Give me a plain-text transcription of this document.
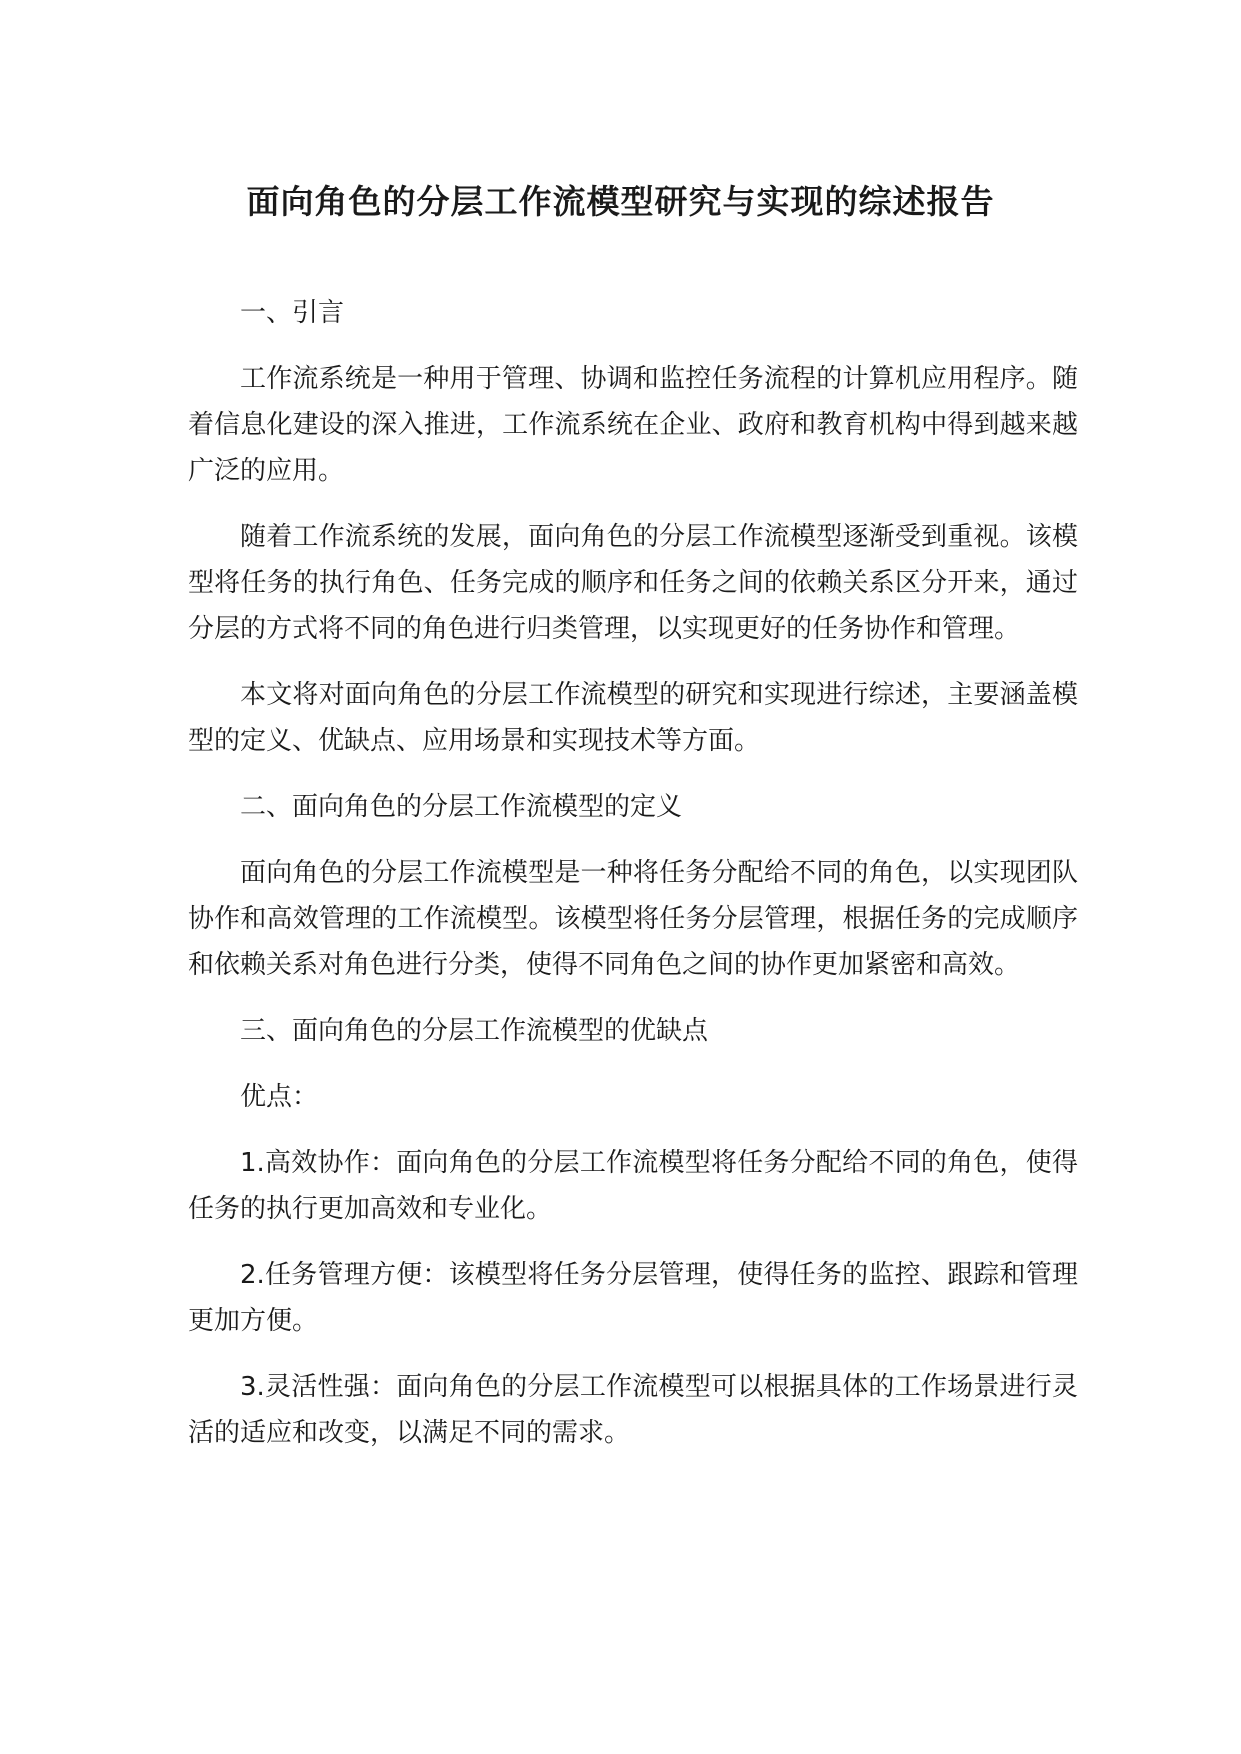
面向角色的分层工作流模型研究与实现的综述报告

一、引言

工作流系统是一种用于管理、协调和监控任务流程的计算机应用程序。随着信息化建设的深入推进，工作流系统在企业、政府和教育机构中得到越来越广泛的应用。

随着工作流系统的发展，面向角色的分层工作流模型逐渐受到重视。该模型将任务的执行角色、任务完成的顺序和任务之间的依赖关系区分开来，通过分层的方式将不同的角色进行归类管理，以实现更好的任务协作和管理。

本文将对面向角色的分层工作流模型的研究和实现进行综述，主要涵盖模型的定义、优缺点、应用场景和实现技术等方面。

二、面向角色的分层工作流模型的定义

面向角色的分层工作流模型是一种将任务分配给不同的角色，以实现团队协作和高效管理的工作流模型。该模型将任务分层管理，根据任务的完成顺序和依赖关系对角色进行分类，使得不同角色之间的协作更加紧密和高效。

三、面向角色的分层工作流模型的优缺点

优点：

1.高效协作：面向角色的分层工作流模型将任务分配给不同的角色，使得任务的执行更加高效和专业化。

2.任务管理方便：该模型将任务分层管理，使得任务的监控、跟踪和管理更加方便。

3.灵活性强：面向角色的分层工作流模型可以根据具体的工作场景进行灵活的适应和改变，以满足不同的需求。
